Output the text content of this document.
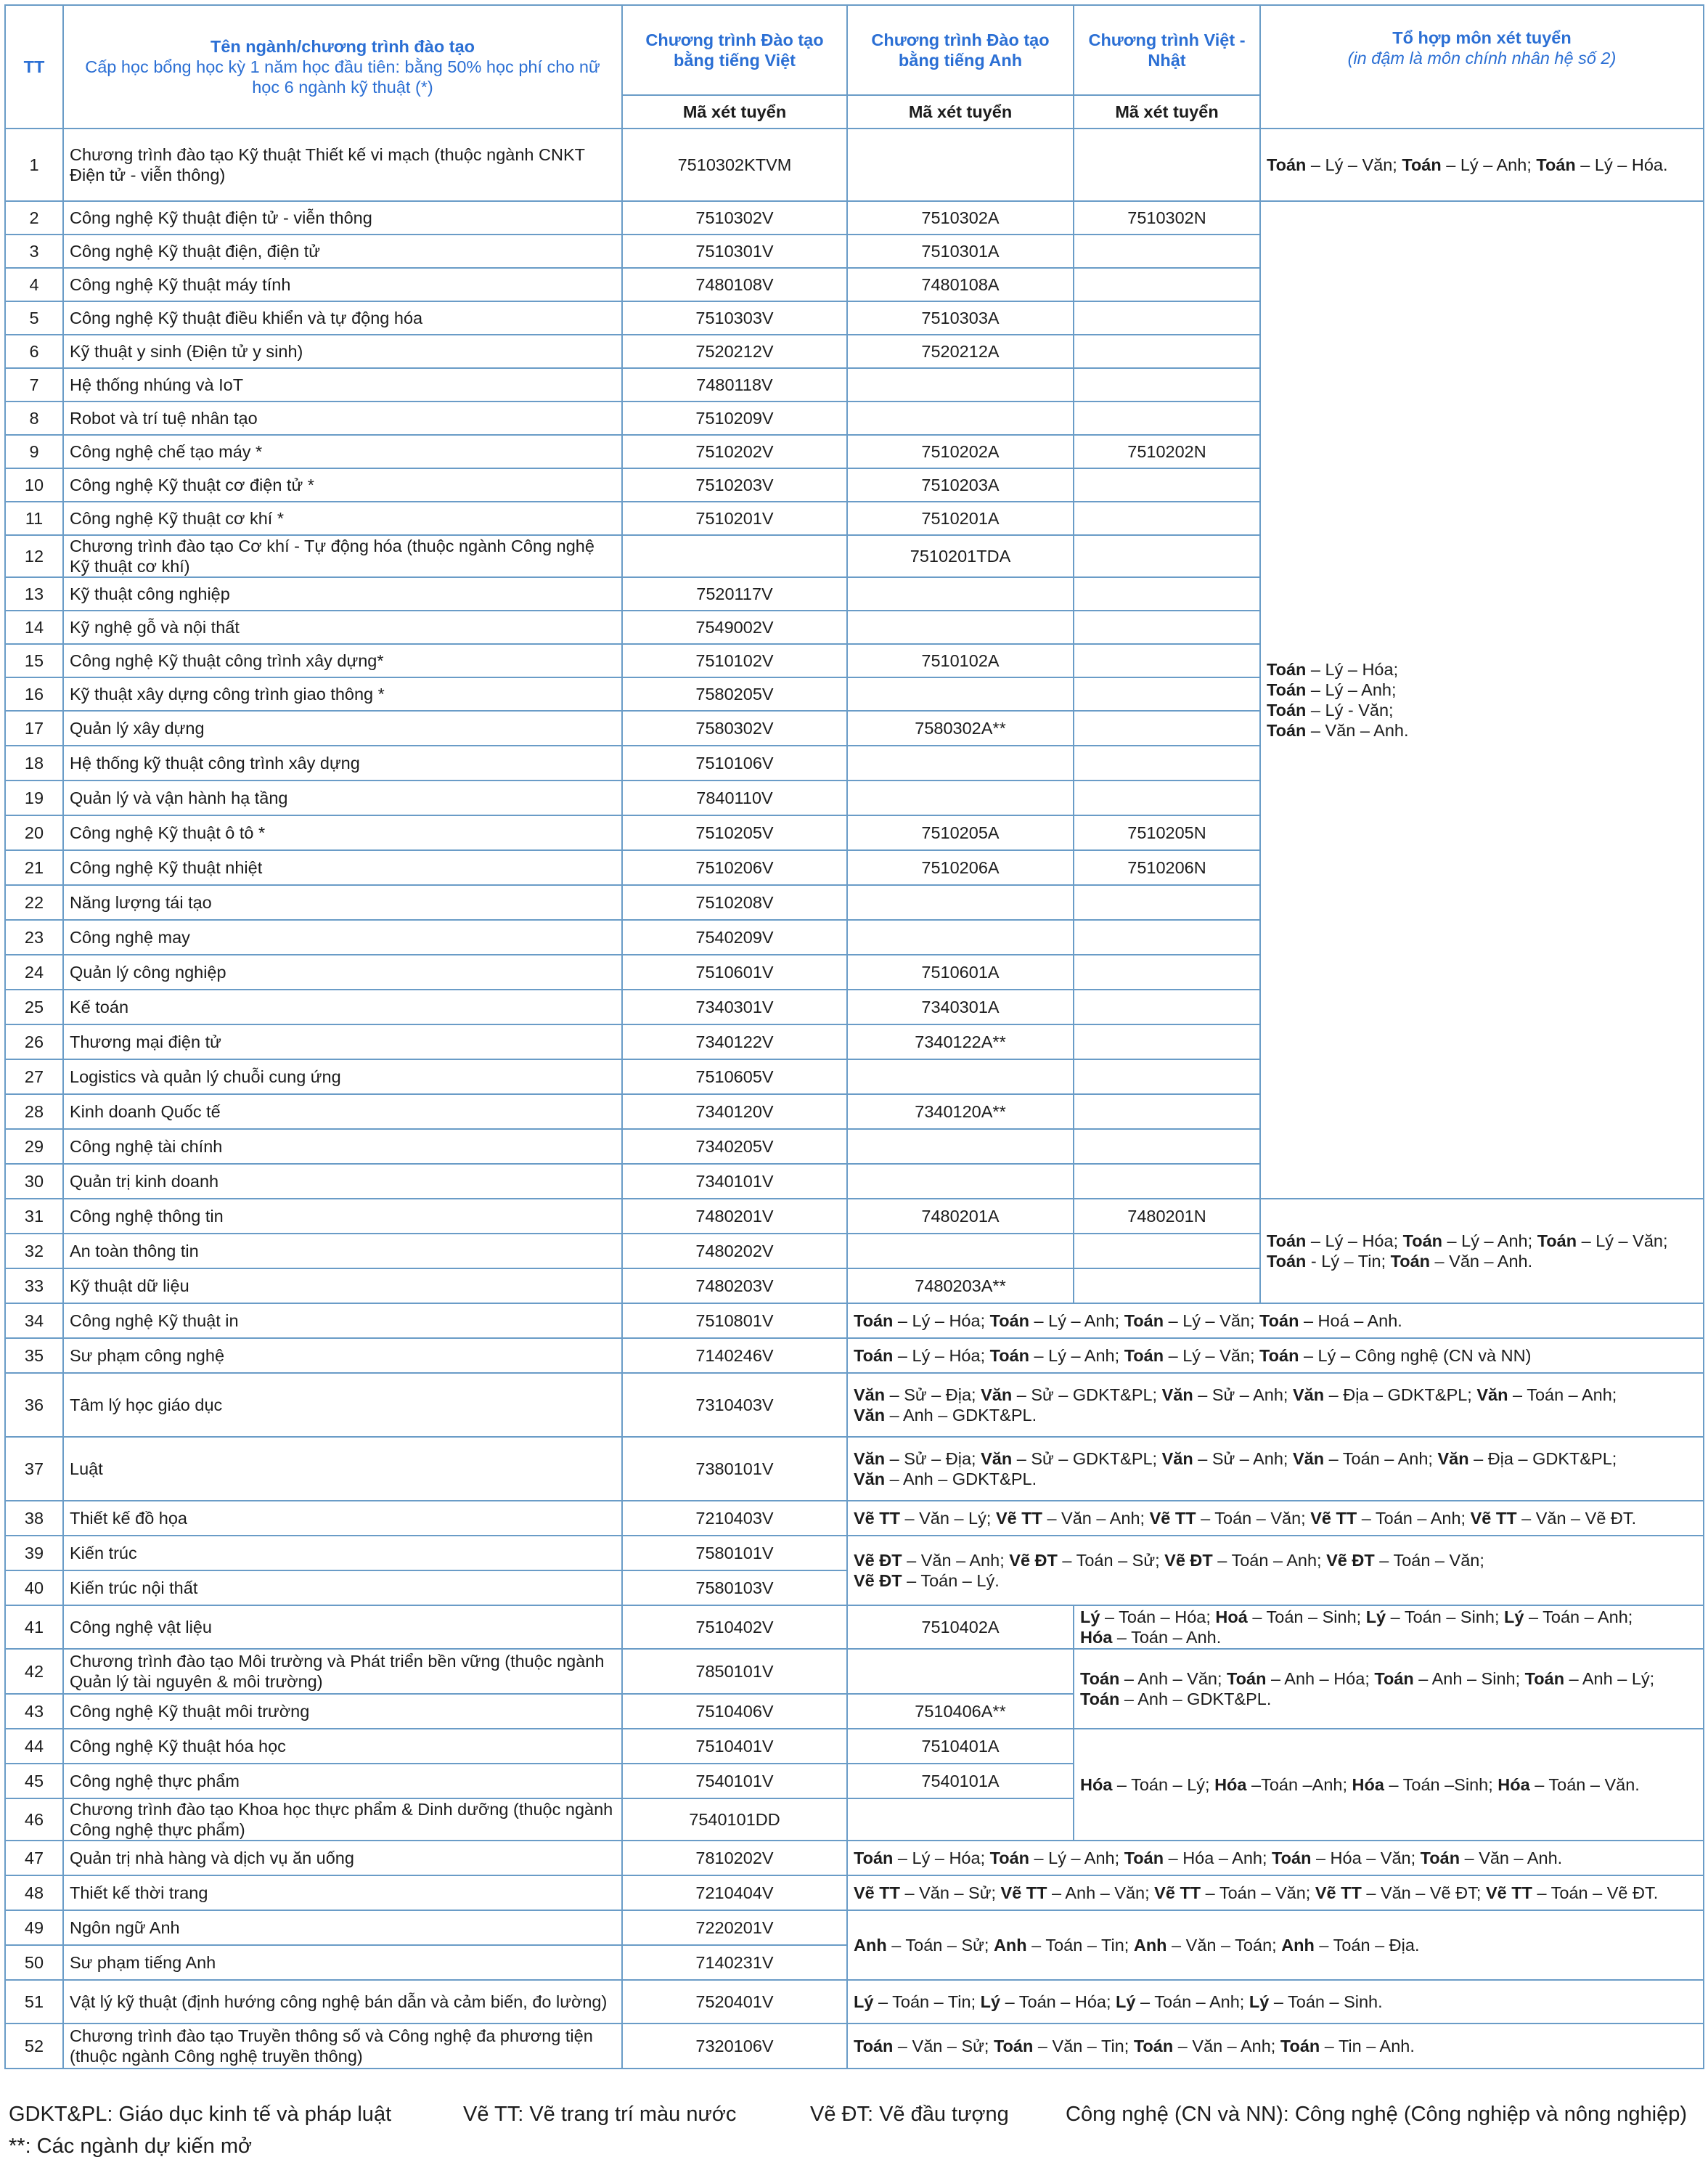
TT	Tên ngành/chương trình đào tạo
Cấp học bổng học kỳ 1 năm học đầu tiên: bằng 50% học phí cho nữ học 6 ngành kỹ thuật (*)	Chương trình Đào tạo bằng tiếng Việt	Chương trình Đào tạo bằng tiếng Anh	Chương trình Việt - Nhật	Tổ hợp môn xét tuyển
(in đậm là môn chính nhân hệ số 2)

		Mã xét tuyển	Mã xét tuyển	Mã xét tuyển	
1	Chương trình đào tạo Kỹ thuật Thiết kế vi mạch (thuộc ngành CNKT Điện tử - viễn thông)	7510302KTVM			Toán – Lý – Văn; Toán – Lý – Anh; Toán – Lý – Hóa.
2	Công nghệ Kỹ thuật điện tử - viễn thông	7510302V	7510302A	7510302N	Toán – Lý – Hóa;
Toán – Lý – Anh;
Toán – Lý - Văn;
Toán – Văn – Anh.
3	Công nghệ Kỹ thuật điện, điện tử	7510301V	7510301A		
4	Công nghệ Kỹ thuật máy tính	7480108V	7480108A		
5	Công nghệ Kỹ thuật điều khiển và tự động hóa	7510303V	7510303A		
6	Kỹ thuật y sinh (Điện tử y sinh)	7520212V	7520212A		
7	Hệ thống nhúng và IoT	7480118V			
8	Robot và trí tuệ nhân tạo	7510209V			
9	Công nghệ chế tạo máy *	7510202V	7510202A	7510202N	
10	Công nghệ Kỹ thuật cơ điện tử *	7510203V	7510203A		
11	Công nghệ Kỹ thuật cơ khí *	7510201V	7510201A		
12	Chương trình đào tạo Cơ khí - Tự động hóa (thuộc ngành Công nghệ Kỹ thuật cơ khí)		7510201TDA		
13	Kỹ thuật công nghiệp	7520117V			
14	Kỹ nghệ gỗ và nội thất	7549002V			
15	Công nghệ Kỹ thuật công trình xây dựng*	7510102V	7510102A		
16	Kỹ thuật xây dựng công trình giao thông *	7580205V			
17	Quản lý xây dựng	7580302V	7580302A**		
18	Hệ thống kỹ thuật công trình xây dựng	7510106V			
19	Quản lý và vận hành hạ tầng	7840110V			
20	Công nghệ Kỹ thuật ô tô *	7510205V	7510205A	7510205N	
21	Công nghệ Kỹ thuật nhiệt	7510206V	7510206A	7510206N	
22	Năng lượng tái tạo	7510208V			
23	Công nghệ may	7540209V			
24	Quản lý công nghiệp	7510601V	7510601A		
25	Kế toán	7340301V	7340301A		
26	Thương mại điện tử	7340122V	7340122A**		
27	Logistics và quản lý chuỗi cung ứng	7510605V			
28	Kinh doanh Quốc tế	7340120V	7340120A**		
29	Công nghệ tài chính	7340205V			
30	Quản trị kinh doanh	7340101V			
31	Công nghệ thông tin	7480201V	7480201A	7480201N	Toán – Lý – Hóa; Toán – Lý – Anh; Toán – Lý – Văn;
Toán - Lý – Tin; Toán – Văn – Anh.
32	An toàn thông tin	7480202V			
33	Kỹ thuật dữ liệu	7480203V	7480203A**		
34	Công nghệ Kỹ thuật in	7510801V	Toán – Lý – Hóa; Toán – Lý – Anh; Toán – Lý – Văn; Toán – Hoá – Anh.		
35	Sư phạm công nghệ	7140246V	Toán – Lý – Hóa; Toán – Lý – Anh; Toán – Lý – Văn; Toán – Lý – Công nghệ (CN và NN)		
36	Tâm lý học giáo dục	7310403V	Văn – Sử – Địa; Văn – Sử – GDKT&PL; Văn – Sử – Anh; Văn – Địa – GDKT&PL; Văn – Toán – Anh;
Văn – Anh – GDKT&PL.		
37	Luật	7380101V	Văn – Sử – Địa; Văn – Sử – GDKT&PL; Văn – Sử – Anh; Văn – Toán – Anh; Văn – Địa – GDKT&PL;
Văn – Anh – GDKT&PL.		
38	Thiết kế đồ họa	7210403V	Vẽ TT – Văn – Lý; Vẽ TT – Văn – Anh; Vẽ TT – Toán – Văn; Vẽ TT – Toán – Anh; Vẽ TT – Văn – Vẽ ĐT.		
39	Kiến trúc	7580101V	Vẽ ĐT – Văn – Anh; Vẽ ĐT – Toán – Sử; Vẽ ĐT – Toán – Anh; Vẽ ĐT – Toán – Văn;
Vẽ ĐT – Toán – Lý.		
40	Kiến trúc nội thất	7580103V			
41	Công nghệ vật liệu	7510402V	7510402A	Lý – Toán – Hóa; Hoá – Toán – Sinh; Lý – Toán – Sinh; Lý – Toán – Anh;
Hóa – Toán – Anh.	
42	Chương trình đào tạo Môi trường và Phát triển bền vững (thuộc ngành Quản lý tài nguyên & môi trường)	7850101V		Toán – Anh – Văn; Toán – Anh – Hóa; Toán – Anh – Sinh; Toán – Anh – Lý;
Toán – Anh – GDKT&PL.	
43	Công nghệ Kỹ thuật môi trường	7510406V	7510406A**		
44	Công nghệ Kỹ thuật hóa học	7510401V	7510401A	Hóa – Toán – Lý; Hóa –Toán –Anh; Hóa – Toán –Sinh; Hóa – Toán – Văn.	
45	Công nghệ thực phẩm	7540101V	7540101A		
46	Chương trình đào tạo Khoa học thực phẩm & Dinh dưỡng (thuộc ngành Công nghệ thực phẩm)	7540101DD			
47	Quản trị nhà hàng và dịch vụ ăn uống	7810202V	Toán – Lý – Hóa; Toán – Lý – Anh; Toán – Hóa – Anh; Toán – Hóa – Văn; Toán – Văn – Anh.		
48	Thiết kế thời trang	7210404V	Vẽ TT – Văn – Sử; Vẽ TT – Anh – Văn; Vẽ TT – Toán – Văn; Vẽ TT – Văn – Vẽ ĐT; Vẽ TT – Toán – Vẽ ĐT.		
49	Ngôn ngữ Anh	7220201V	Anh – Toán – Sử; Anh – Toán – Tin; Anh – Văn – Toán; Anh – Toán – Địa.		
50	Sư phạm tiếng Anh	7140231V			
51	Vật lý kỹ thuật (định hướng công nghệ bán dẫn và cảm biến, đo lường)	7520401V	Lý – Toán – Tin; Lý – Toán – Hóa; Lý – Toán – Anh; Lý – Toán – Sinh.		
52	Chương trình đào tạo Truyền thông số và Công nghệ đa phương tiện (thuộc ngành Công nghệ truyền thông)	7320106V	Toán – Văn – Sử; Toán – Văn – Tin; Toán – Văn – Anh; Toán – Tin – Anh.		
GDKT&PL: Giáo dục kinh tế và pháp luật	Vẽ TT: Vẽ trang trí màu nước	Vẽ ĐT: Vẽ đầu tượng	Công nghệ (CN và NN): Công nghệ (Công nghiệp và nông nghiệp)
**: Các ngành dự kiến mở
